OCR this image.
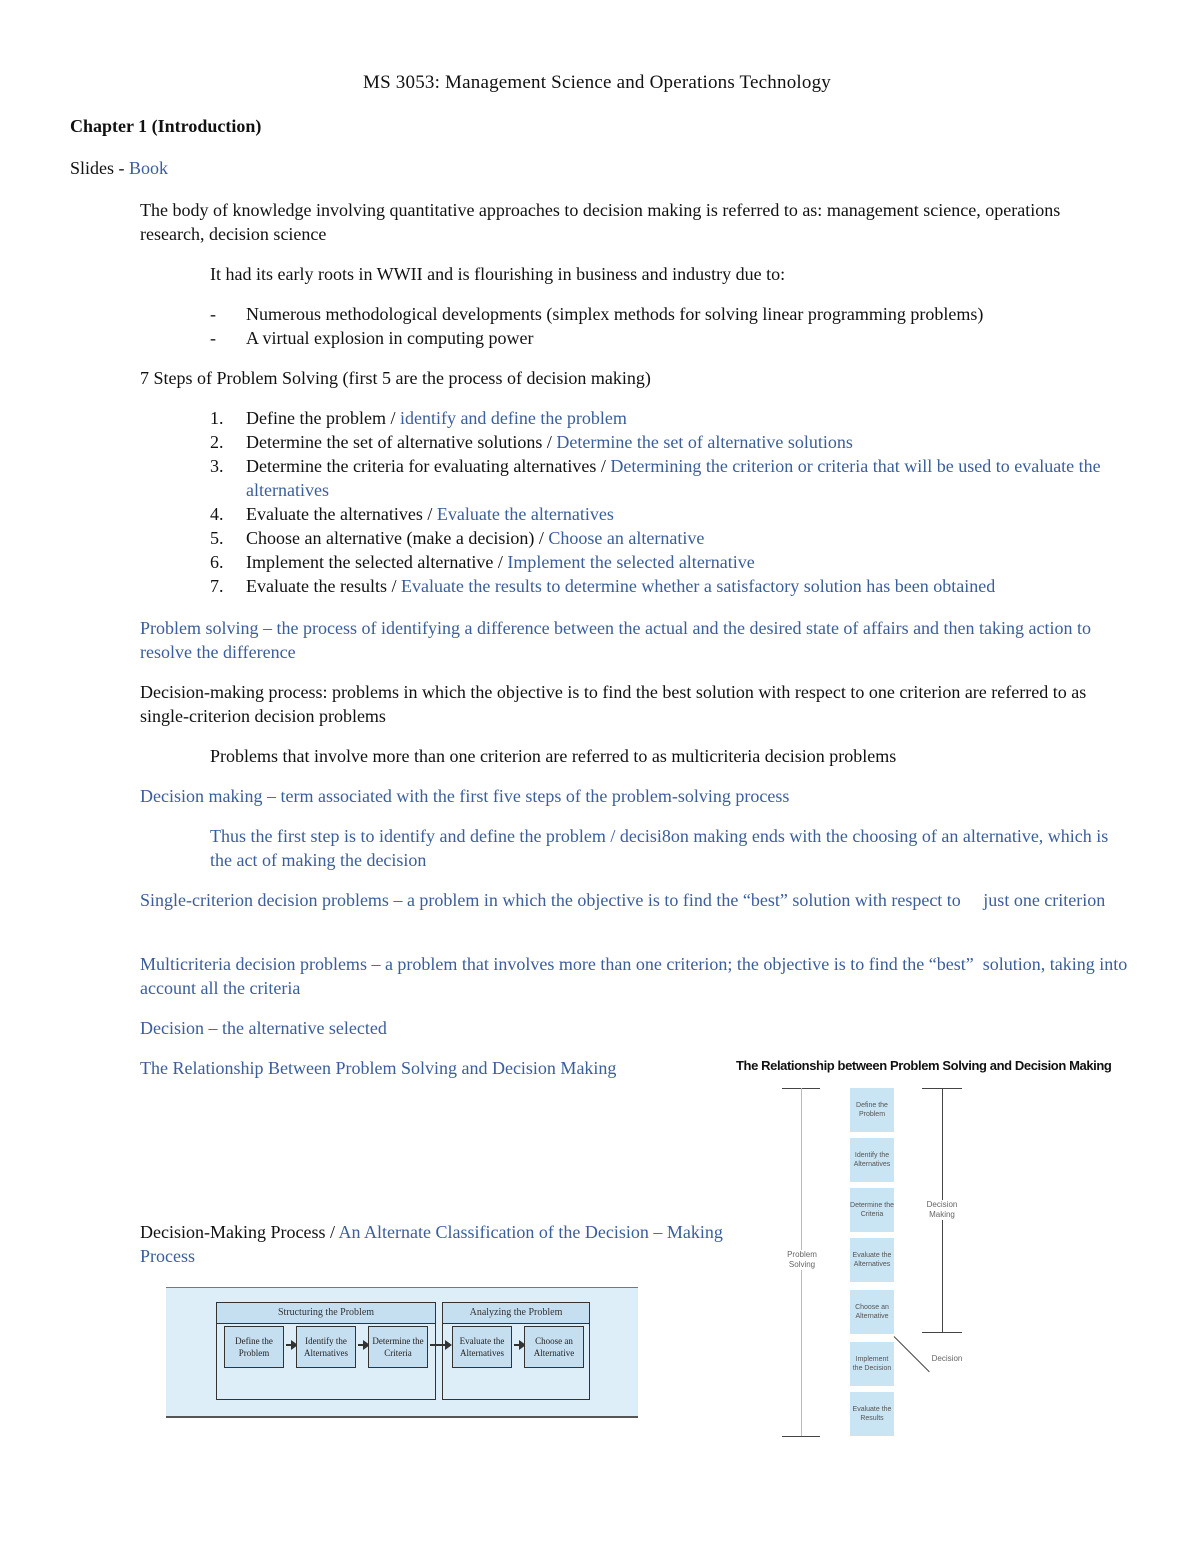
MS 3053: Management Science and Operations Technology

Chapter 1 (Introduction)

Slides - Book

The body of knowledge involving quantitative approaches to decision making is referred to as: management science, operations research, decision science

It had its early roots in WWII and is flourishing in business and industry due to:

- Numerous methodological developments (simplex methods for solving linear programming problems)
- A virtual explosion in computing power

7 Steps of Problem Solving (first 5 are the process of decision making)

1. Define the problem / identify and define the problem
2. Determine the set of alternative solutions / Determine the set of alternative solutions
3. Determine the criteria for evaluating alternatives / Determining the criterion or criteria that will be used to evaluate the alternatives
4. Evaluate the alternatives / Evaluate the alternatives
5. Choose an alternative (make a decision) / Choose an alternative
6. Implement the selected alternative / Implement the selected alternative
7. Evaluate the results / Evaluate the results to determine whether a satisfactory solution has been obtained

Problem solving – the process of identifying a difference between the actual and the desired state of affairs and then taking action to resolve the difference

Decision-making process: problems in which the objective is to find the best solution with respect to one criterion are referred to as single-criterion decision problems

Problems that involve more than one criterion are referred to as multicriteria decision problems

Decision making – term associated with the first five steps of the problem-solving process

Thus the first step is to identify and define the problem / decisi8on making ends with the choosing of an alternative, which is the act of making the decision

Single-criterion decision problems – a problem in which the objective is to find the “best” solution with respect to     just one criterion

Multicriteria decision problems – a problem that involves more than one criterion; the objective is to find the “best”  solution, taking into account all the criteria

Decision – the alternative selected

The Relationship Between Problem Solving and Decision Making

Decision-Making Process / An Alternate Classification of the Decision – Making Process

Structuring the Problem	Analyzing the Problem
Define the Problem
Identify the Alternatives
Determine the Criteria
Evaluate the Alternatives
Choose an Alternative
The Relationship between Problem Solving and Decision Making
Define the Problem
Identify the Alternatives
Determine the Criteria
Evaluate the Alternatives
Choose an Alternative
Implement the Decision
Evaluate the Results
Problem Solving
Decision Making
Decision
